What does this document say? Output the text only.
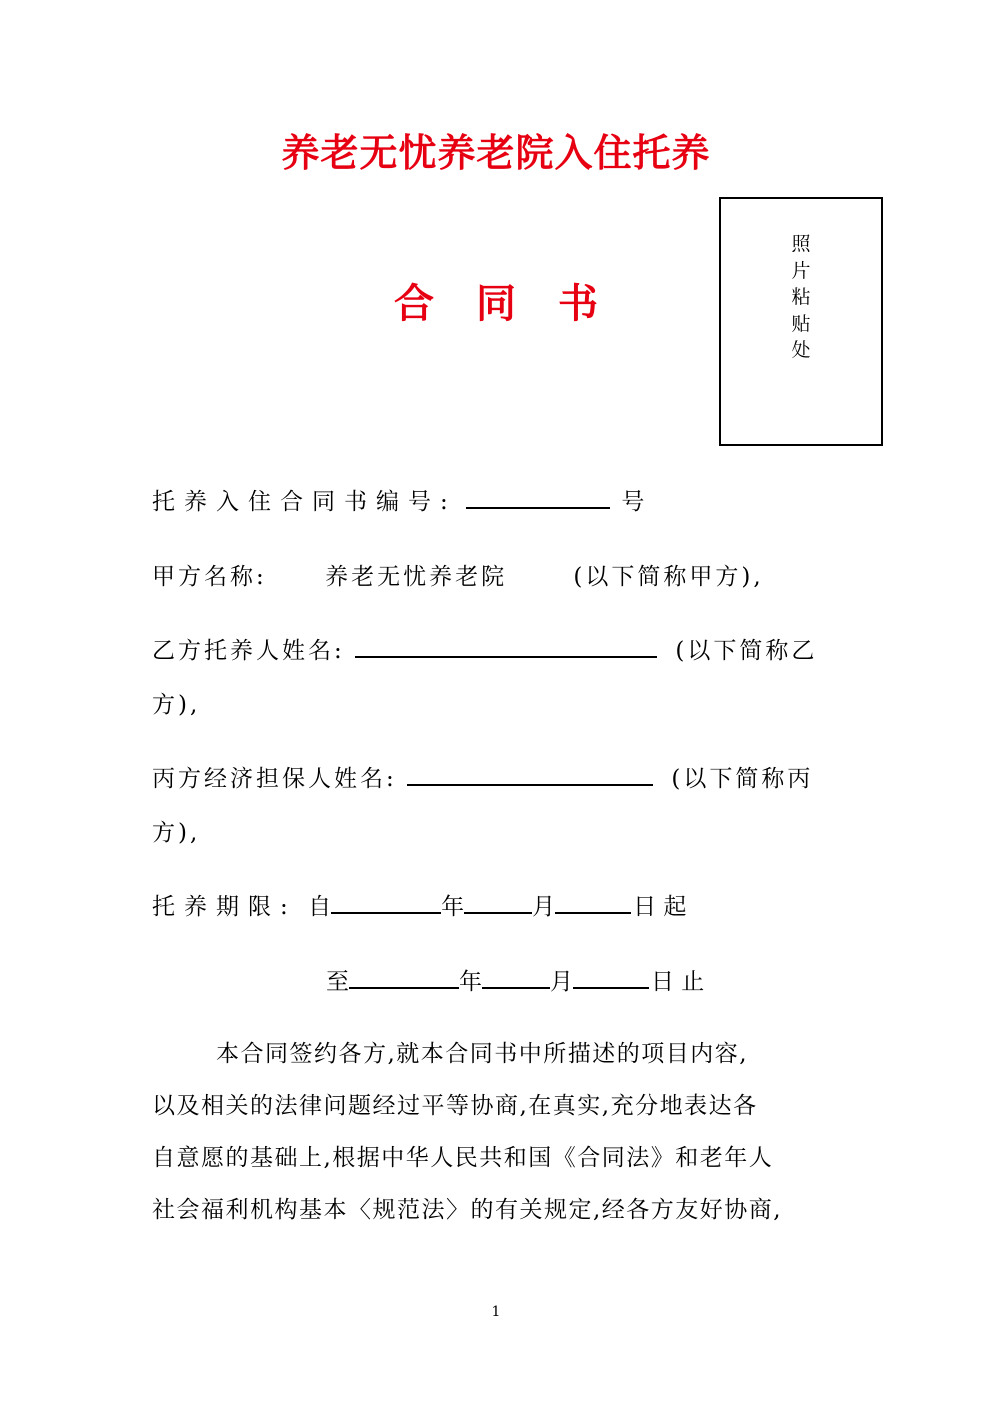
养老无忧养老院入住托养
合同书
照
片
粘
贴
处
托养入住合同书编号:	号
甲方名称:	养老无忧养老院	(以下简称甲方),
乙方托养人姓名:	(以下简称乙
方),
丙方经济担保人姓名:	(以下简称丙
方),
托养期限: 自	年	月	日 起
至	年	月	日 止

本合同签约各方,就本合同书中所描述的项目内容,

以及相关的法律问题经过平等协商,在真实,充分地表达各

自意愿的基础上,根据中华人民共和国《合同法》和老年人

社会福利机构基本〈规范法〉的有关规定,经各方友好协商,

1
